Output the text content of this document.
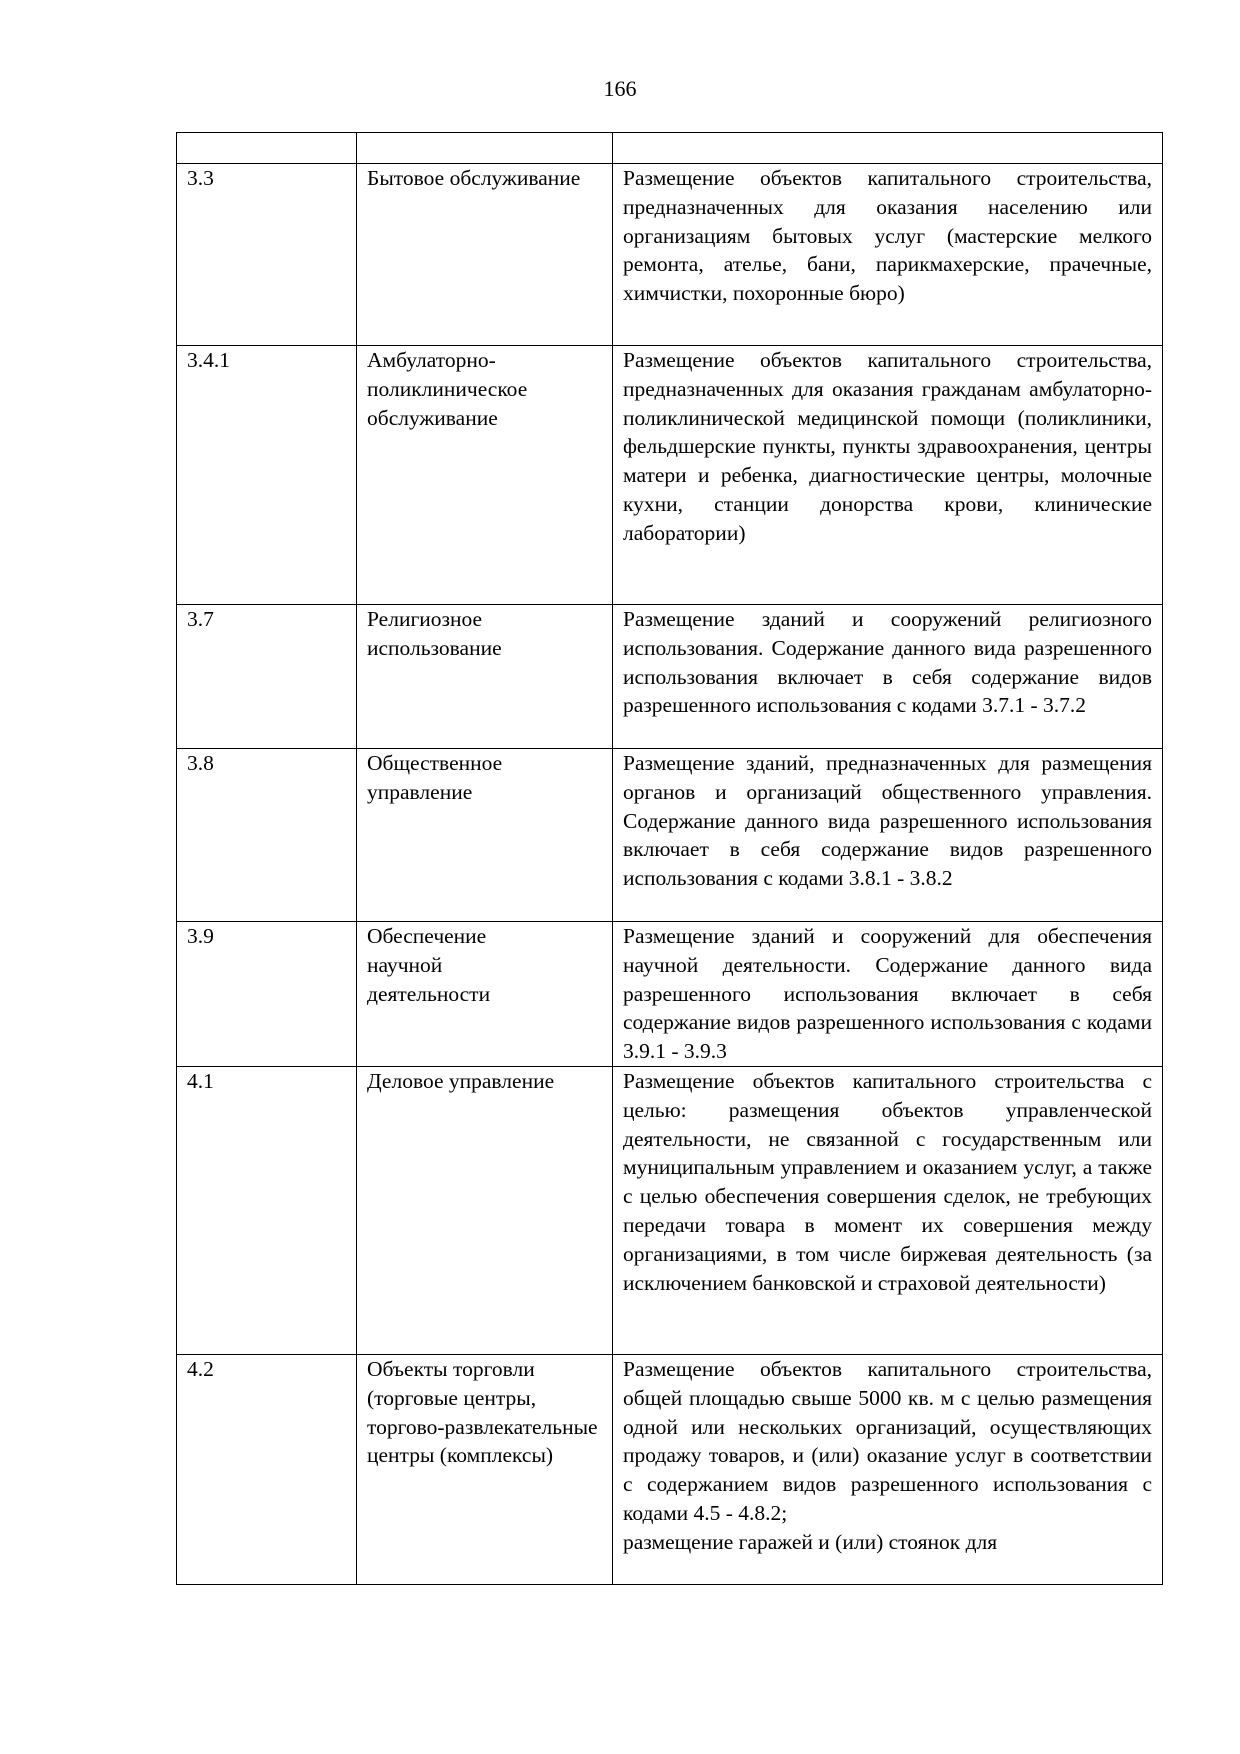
166

3.3	Бытовое обслуживание	Размещение объектов капитального строительства, предназначенных для оказания населению или организациям бытовых услуг (мастерские мелкого ремонта, ателье, бани, парикмахерские, прачечные, химчистки, похоронные бюро)

3.4.1	Амбулаторно-поликлиническое обслуживание	Размещение объектов капитального строительства, предназначенных для оказания гражданам амбулаторно-поликлинической медицинской помощи (поликлиники, фельдшерские пункты, пункты здравоохранения, центры матери и ребенка, диагностические центры, молочные кухни, станции донорства крови, клинические лаборатории)

3.7	Религиозное использование	Размещение зданий и сооружений религиозного использования. Содержание данного вида разрешенного использования включает в себя содержание видов разрешенного использования с кодами 3.7.1 - 3.7.2

3.8	Общественное управление	Размещение зданий, предназначенных для размещения органов и организаций общественного управления. Содержание данного вида разрешенного использования включает в себя содержание видов разрешенного использования с кодами 3.8.1 - 3.8.2

3.9	Обеспечение научной деятельности	Размещение зданий и сооружений для обеспечения научной деятельности. Содержание данного вида разрешенного использования включает в себя содержание видов разрешенного использования с кодами 3.9.1 - 3.9.3

4.1	Деловое управление	Размещение объектов капитального строительства с целью: размещения объектов управленческой деятельности, не связанной с государственным или муниципальным управлением и оказанием услуг, а также с целью обеспечения совершения сделок, не требующих передачи товара в момент их совершения между организациями, в том числе биржевая деятельность (за исключением банковской и страховой деятельности)

4.2	Объекты торговли (торговые центры, торгово-развлекательные центры (комплексы)	Размещение объектов капитального строительства, общей площадью свыше 5000 кв. м с целью размещения одной или нескольких организаций, осуществляющих продажу товаров, и (или) оказание услуг в соответствии с содержанием видов разрешенного использования с кодами 4.5 - 4.8.2;
размещение гаражей и (или) стоянок для
